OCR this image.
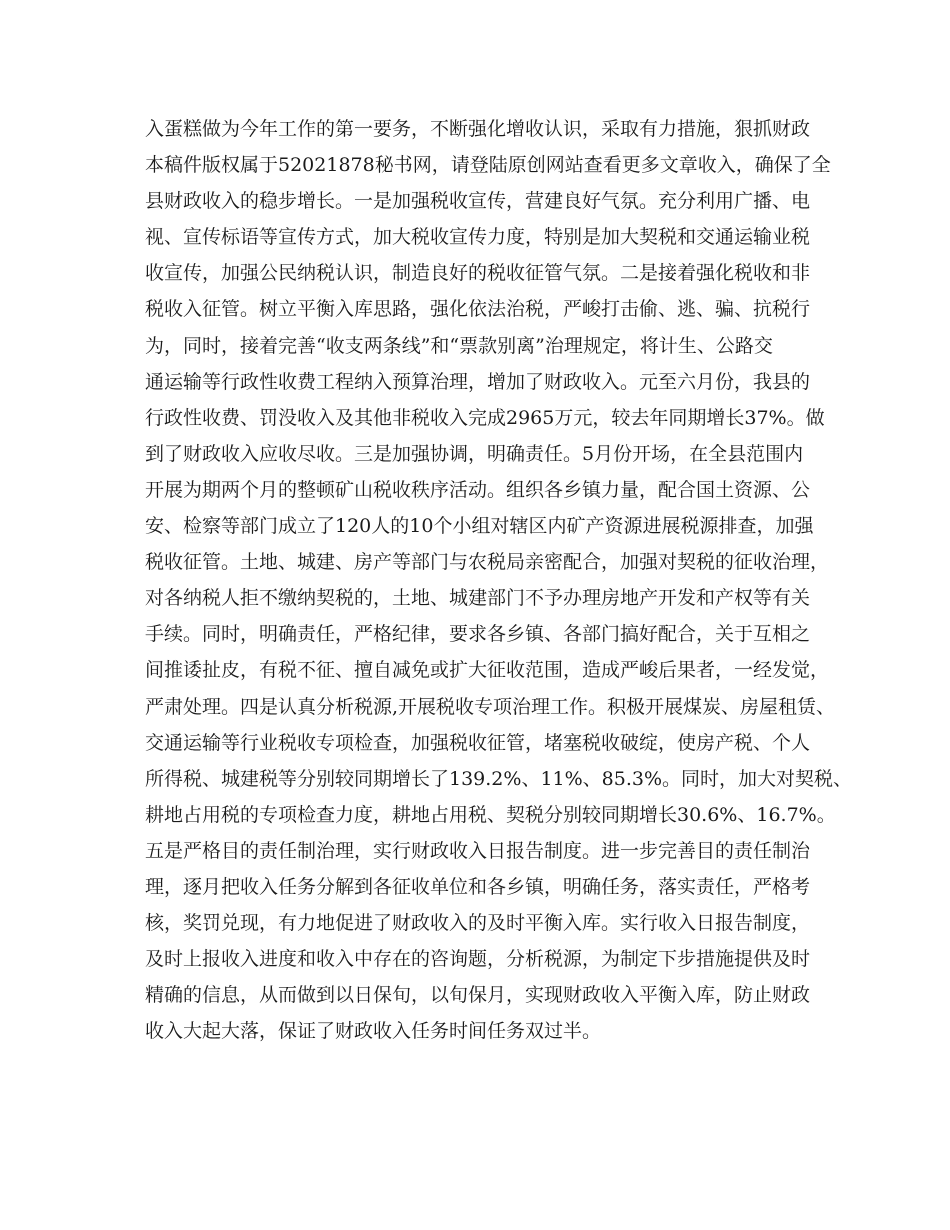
入蛋糕做为今年工作的第一要务，不断强化增收认识，采取有力措施，狠抓财政
本稿件版权属于52021878秘书网，请登陆原创网站查看更多文章收入，确保了全
县财政收入的稳步增长。一是加强税收宣传，营建良好气氛。充分利用广播、电
视、宣传标语等宣传方式，加大税收宣传力度，特别是加大契税和交通运输业税
收宣传，加强公民纳税认识，制造良好的税收征管气氛。二是接着强化税收和非
税收入征管。树立平衡入库思路，强化依法治税，严峻打击偷、逃、骗、抗税行
为，同时，接着完善“收支两条线”和“票款别离”治理规定，将计生、公路交
通运输等行政性收费工程纳入预算治理，增加了财政收入。元至六月份，我县的
行政性收费、罚没收入及其他非税收入完成2965万元，较去年同期增长37%。做
到了财政收入应收尽收。三是加强协调，明确责任。5月份开场，在全县范围内
开展为期两个月的整顿矿山税收秩序活动。组织各乡镇力量，配合国土资源、公
安、检察等部门成立了120人的10个小组对辖区内矿产资源进展税源排查，加强
税收征管。土地、城建、房产等部门与农税局亲密配合，加强对契税的征收治理，
对各纳税人拒不缴纳契税的，土地、城建部门不予办理房地产开发和产权等有关
手续。同时，明确责任，严格纪律，要求各乡镇、各部门搞好配合，关于互相之
间推诿扯皮，有税不征、擅自减免或扩大征收范围，造成严峻后果者，一经发觉，
严肃处理。四是认真分析税源,开展税收专项治理工作。积极开展煤炭、房屋租赁、
交通运输等行业税收专项检查，加强税收征管，堵塞税收破绽，使房产税、个人
所得税、城建税等分别较同期增长了139.2%、11%、85.3%。同时，加大对契税、
耕地占用税的专项检查力度，耕地占用税、契税分别较同期增长30.6%、16.7%。
五是严格目的责任制治理，实行财政收入日报告制度。进一步完善目的责任制治
理，逐月把收入任务分解到各征收单位和各乡镇，明确任务，落实责任，严格考
核，奖罚兑现，有力地促进了财政收入的及时平衡入库。实行收入日报告制度，
及时上报收入进度和收入中存在的咨询题，分析税源，为制定下步措施提供及时
精确的信息，从而做到以日保旬，以旬保月，实现财政收入平衡入库，防止财政
收入大起大落，保证了财政收入任务时间任务双过半。
